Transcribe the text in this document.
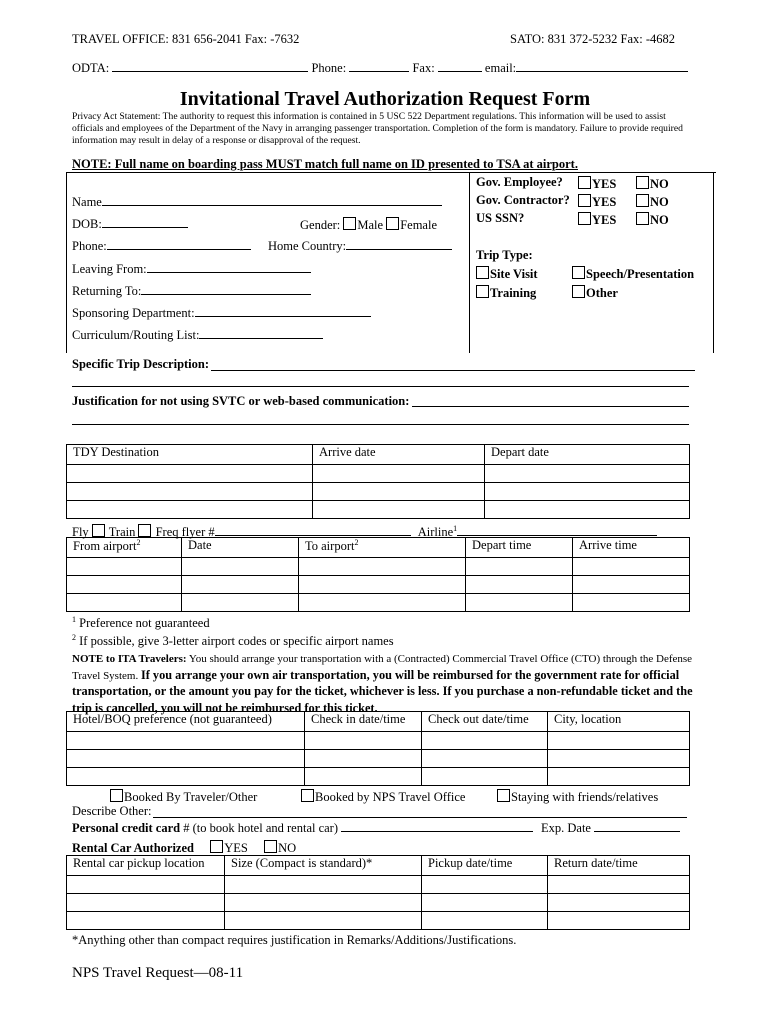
TRAVEL OFFICE: 831 656-2041 Fax: -7632	SATO: 831 372-5232 Fax: -4682
ODTA:	Phone:	Fax:	email:
Invitational Travel Authorization Request Form
Privacy Act Statement: The authority to request this information is contained in 5 USC 522 Department regulations. This information will be used to assist officials and employees of the Department of the Navy in arranging passenger transportation. Completion of the form is mandatory. Failure to provide required information may result in delay of a response or disapproval of the request.
NOTE: Full name on boarding pass MUST match full name on ID presented to TSA at airport.
Name
DOB:	Gender: Male Female
Phone:	Home Country:
Leaving From:
Returning To:
Sponsoring Department:
Curriculum/Routing List:
Gov. Employee?	YES	NO
Gov. Contractor?	YES	NO
US SSN?	YES	NO
Trip Type:
Site Visit	Speech/Presentation
Training	Other
Specific Trip Description:
Justification for not using SVTC or web-based communication:
TDY Destination	Arrive date	Depart date

Fly Train Freq flyer #	Airline$^1$
From airport$^2$	Date	To airport$^2$	Depart time	Arrive time

$^1$ Preference not guaranteed
$^2$ If possible, give 3-letter airport codes or specific airport names
NOTE to ITA Travelers: You should arrange your transportation with a (Contracted) Commercial Travel Office (CTO) through the Defense Travel System. If you arrange your own air transportation, you will be reimbursed for the government rate for official transportation, or the amount you pay for the ticket, whichever is less. If you purchase a non-refundable ticket and the trip is cancelled, you will not be reimbursed for this ticket.
Hotel/BOQ preference (not guaranteed)	Check in date/time	Check out date/time	City, location

Booked By Traveler/Other	Booked by NPS Travel Office	Staying with friends/relatives
Describe Other:
Personal credit card # (to book hotel and rental car)	Exp. Date
Rental Car Authorized YES NO
Rental car pickup location	Size (Compact is standard)*	Pickup date/time	Return date/time

*Anything other than compact requires justification in Remarks/Additions/Justifications.
NPS Travel Request—08-11
